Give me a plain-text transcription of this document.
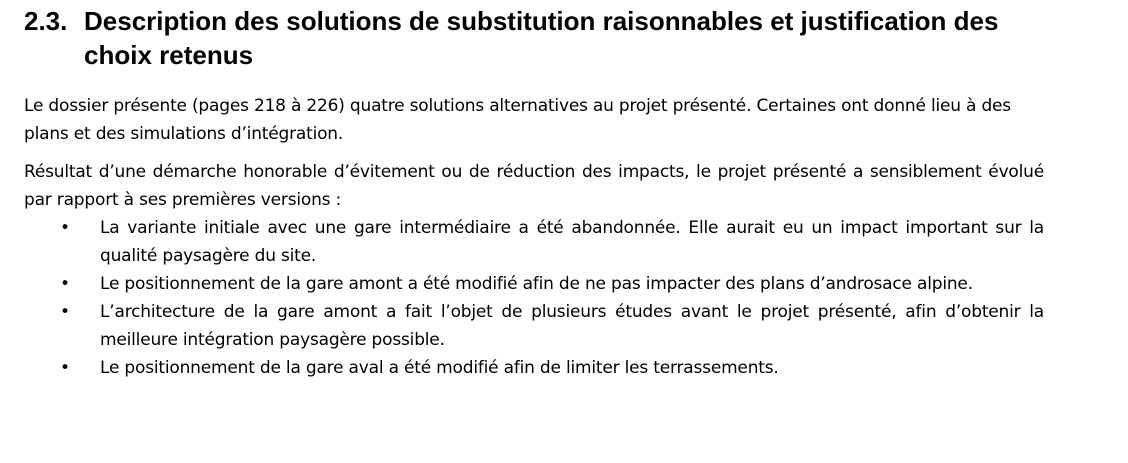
2.3. Description des solutions de substitution raisonnables et justification des choix retenus

Le dossier présente (pages 218 à 226) quatre solutions alternatives au projet présenté. Certaines ont donné lieu à des plans et des simulations d’intégration.

Résultat d’une démarche honorable d’évitement ou de réduction des impacts, le projet présenté a sensiblement évolué par rapport à ses premières versions :
• La variante initiale avec une gare intermédiaire a été abandonnée. Elle aurait eu un impact important sur la qualité paysagère du site.
• Le positionnement de la gare amont a été modifié afin de ne pas impacter des plans d’androsace alpine.
• L’architecture de la gare amont a fait l’objet de plusieurs études avant le projet présenté, afin d’obtenir la meilleure intégration paysagère possible.
• Le positionnement de la gare aval a été modifié afin de limiter les terrassements.
